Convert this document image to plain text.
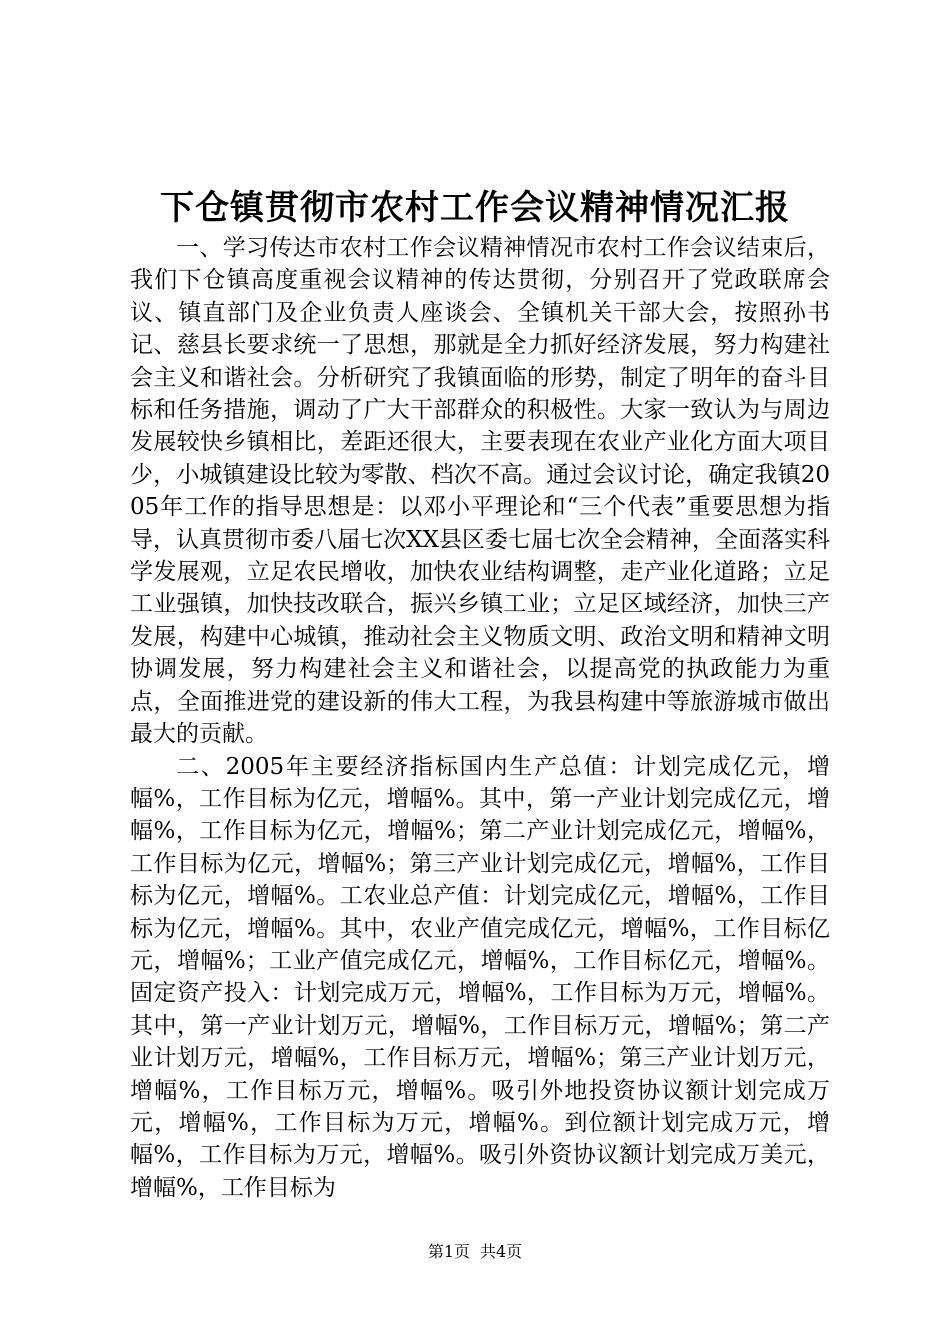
下仓镇贯彻市农村工作会议精神情况汇报

一、学习传达市农村工作会议精神情况市农村工作会议结束后，我们下仓镇高度重视会议精神的传达贯彻，分别召开了党政联席会议、镇直部门及企业负责人座谈会、全镇机关干部大会，按照孙书记、慈县长要求统一了思想，那就是全力抓好经济发展，努力构建社会主义和谐社会。分析研究了我镇面临的形势，制定了明年的奋斗目标和任务措施，调动了广大干部群众的积极性。大家一致认为与周边发展较快乡镇相比，差距还很大，主要表现在农业产业化方面大项目少，小城镇建设比较为零散、档次不高。通过会议讨论，确定我镇2005年工作的指导思想是：以邓小平理论和“三个代表”重要思想为指导，认真贯彻市委八届七次XX县区委七届七次全会精神，全面落实科学发展观，立足农民增收，加快农业结构调整，走产业化道路；立足工业强镇，加快技改联合，振兴乡镇工业；立足区域经济，加快三产发展，构建中心城镇，推动社会主义物质文明、政治文明和精神文明协调发展，努力构建社会主义和谐社会，以提高党的执政能力为重点，全面推进党的建设新的伟大工程，为我县构建中等旅游城市做出最大的贡献。

二、2005年主要经济指标国内生产总值：计划完成亿元，增幅%，工作目标为亿元，增幅%。其中，第一产业计划完成亿元，增幅%，工作目标为亿元，增幅%；第二产业计划完成亿元，增幅%，工作目标为亿元，增幅%；第三产业计划完成亿元，增幅%，工作目标为亿元，增幅%。工农业总产值：计划完成亿元，增幅%，工作目标为亿元，增幅%。其中，农业产值完成亿元，增幅%，工作目标亿元，增幅%；工业产值完成亿元，增幅%，工作目标亿元，增幅%。固定资产投入：计划完成万元，增幅%，工作目标为万元，增幅%。其中，第一产业计划万元，增幅%，工作目标万元，增幅%；第二产业计划万元，增幅%，工作目标万元，增幅%；第三产业计划万元，增幅%，工作目标万元，增幅%。吸引外地投资协议额计划完成万元，增幅%，工作目标为万元，增幅%。到位额计划完成万元，增幅%，工作目标为万元，增幅%。吸引外资协议额计划完成万美元，增幅%，工作目标为

第1页 共4页
